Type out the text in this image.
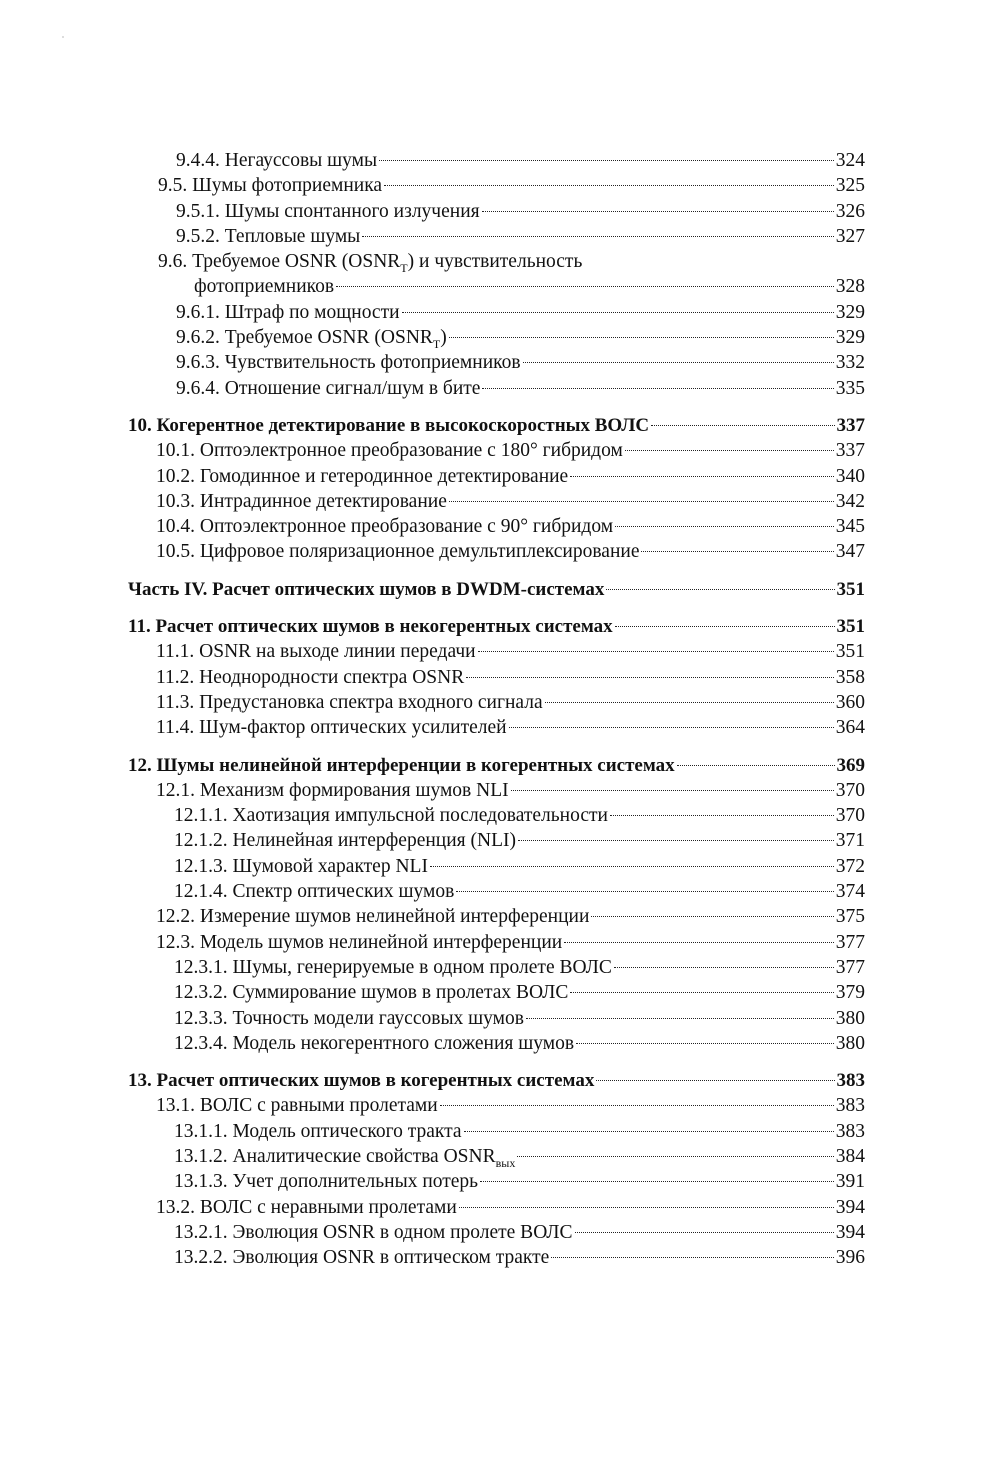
9.4.4. Негауссовы шумы	324
9.5. Шумы фотоприемника	325
9.5.1. Шумы спонтанного излучения	326
9.5.2. Тепловые шумы	327
9.6. Требуемое OSNR $(OSNR_T)$ и чувствительность
фотоприемников	328
9.6.1. Штраф по мощности	329
9.6.2. Требуемое OSNR $(OSNR_T)$	329
9.6.3. Чувствительность фотоприемников	332
9.6.4. Отношение сигнал/шум в бите	335
10. Когерентное детектирование в высокоскоростных ВОЛС	337
10.1. Оптоэлектронное преобразование с 180° гибридом	337
10.2. Гомодинное и гетеродинное детектирование	340
10.3. Интрадинное детектирование	342
10.4. Оптоэлектронное преобразование с 90° гибридом	345
10.5. Цифровое поляризационное демультиплексирование	347
Часть IV. Расчет оптических шумов в DWDM-системах	351
11. Расчет оптических шумов в некогерентных системах	351
11.1. OSNR на выходе линии передачи	351
11.2. Неоднородности спектра OSNR	358
11.3. Предустановка спектра входного сигнала	360
11.4. Шум-фактор оптических усилителей	364
12. Шумы нелинейной интерференции в когерентных системах	369
12.1. Механизм формирования шумов NLI	370
12.1.1. Хаотизация импульсной последовательности	370
12.1.2. Нелинейная интерференция (NLI)	371
12.1.3. Шумовой характер NLI	372
12.1.4. Спектр оптических шумов	374
12.2. Измерение шумов нелинейной интерференции	375
12.3. Модель шумов нелинейной интерференции	377
12.3.1. Шумы, генерируемые в одном пролете ВОЛС	377
12.3.2. Суммирование шумов в пролетах ВОЛС	379
12.3.3. Точность модели гауссовых шумов	380
12.3.4. Модель некогерентного сложения шумов	380
13. Расчет оптических шумов в когерентных системах	383
13.1. ВОЛС с равными пролетами	383
13.1.1. Модель оптического тракта	383
13.1.2. Аналитические свойства $OSNR_{вых}$	384
13.1.3. Учет дополнительных потерь	391
13.2. ВОЛС с неравными пролетами	394
13.2.1. Эволюция OSNR в одном пролете ВОЛС	394
13.2.2. Эволюция OSNR в оптическом тракте	396
